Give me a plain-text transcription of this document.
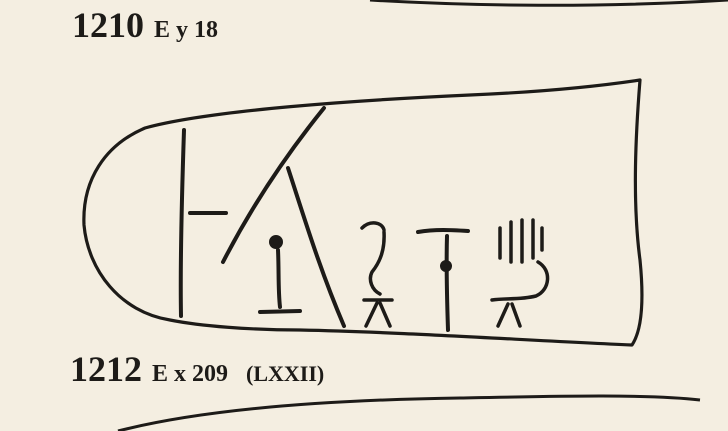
1210 E y 18
1212 E x 209 (LXXII)
